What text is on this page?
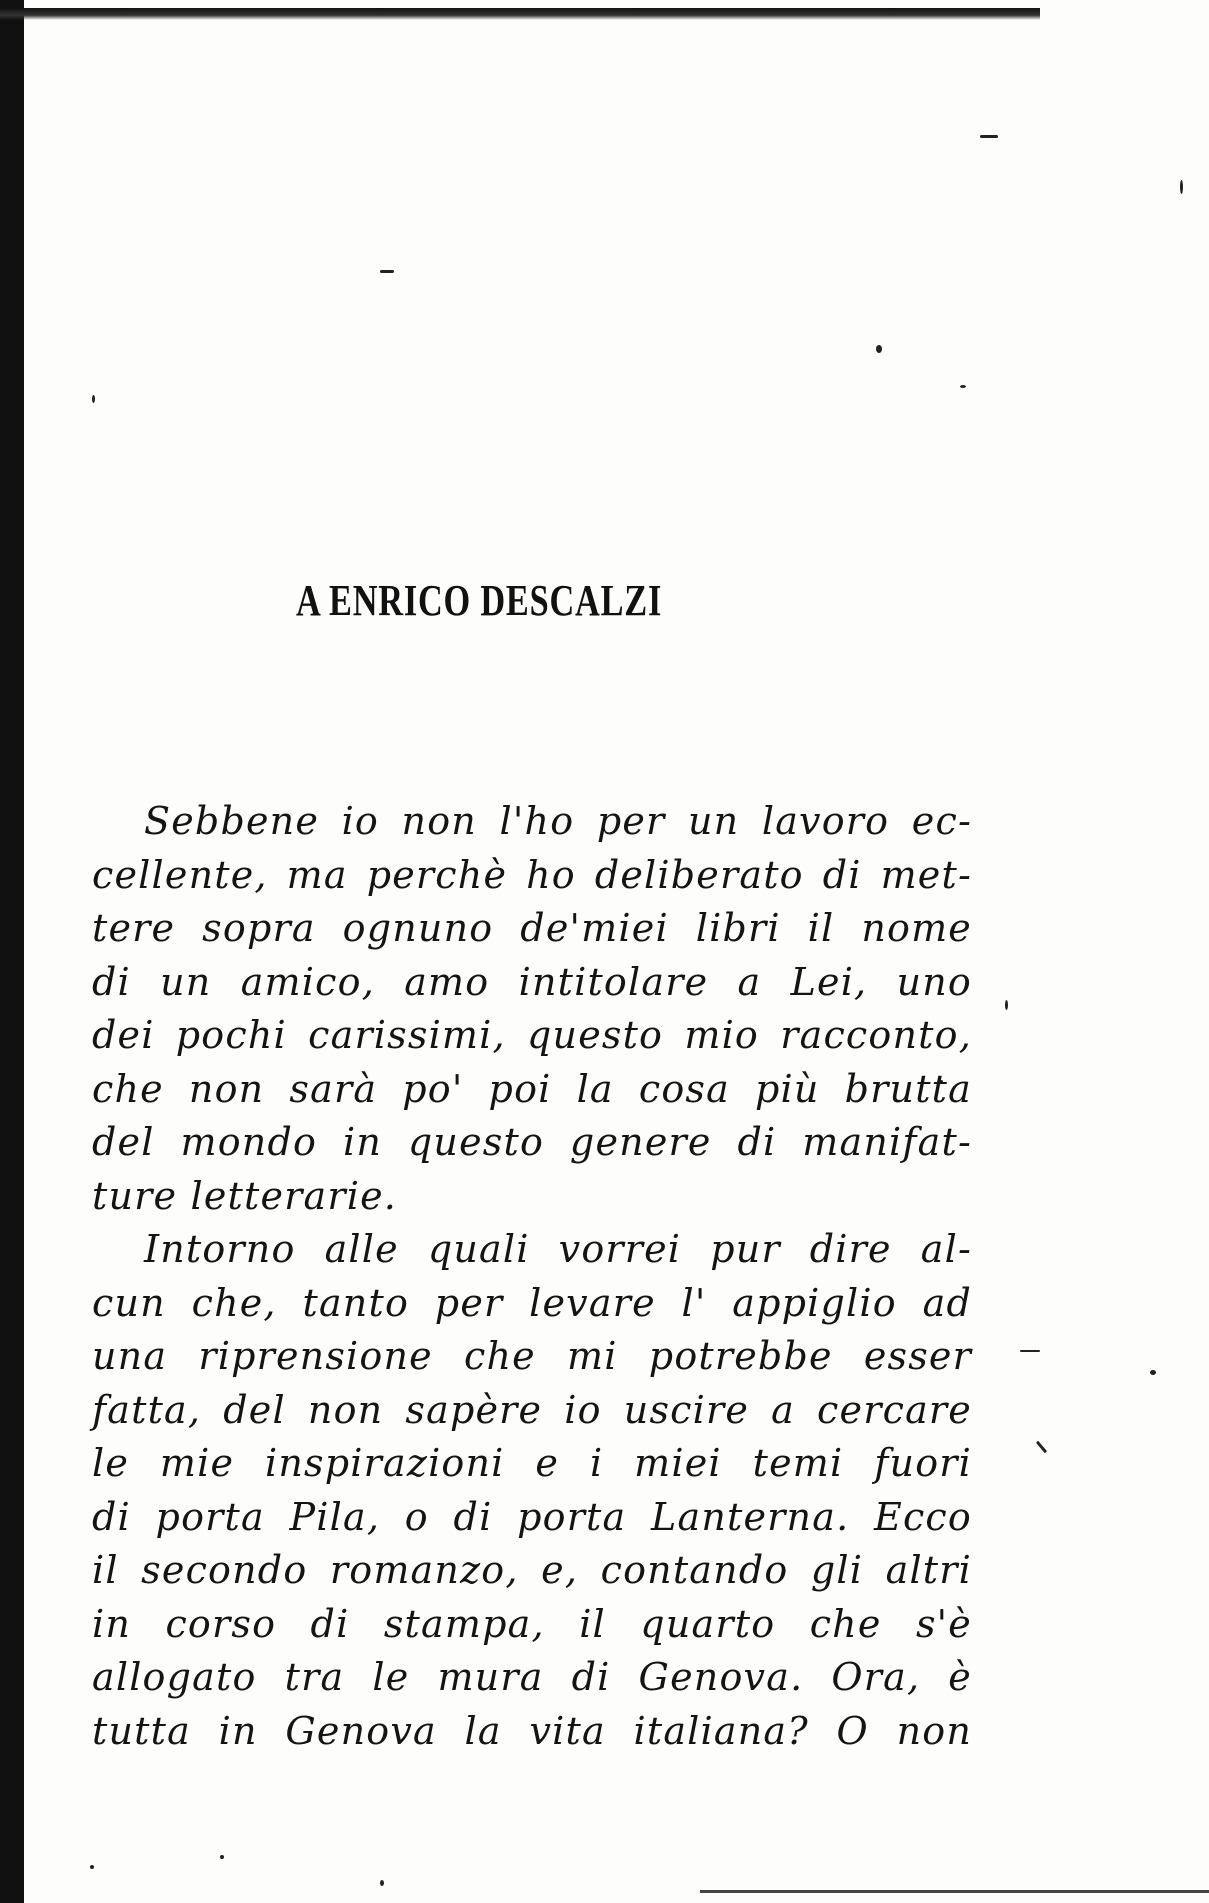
A ENRICO DESCALZI
Sebbene io non l'ho per un lavoro ec-
cellente, ma perchè ho deliberato di met-
tere sopra ognuno de'miei libri il nome
di un amico, amo intitolare a Lei, uno
dei pochi carissimi, questo mio racconto,
che non sarà po' poi la cosa più brutta
del mondo in questo genere di manifat-
ture letterarie.
Intorno alle quali vorrei pur dire al-
cun che, tanto per levare l' appiglio ad
una riprensione che mi potrebbe esser
fatta, del non sapère io uscire a cercare
le mie inspirazioni e i miei temi fuori
di porta Pila, o di porta Lanterna. Ecco
il secondo romanzo, e, contando gli altri
in corso di stampa, il quarto che s'è
allogato tra le mura di Genova. Ora, è
tutta in Genova la vita italiana? O non
